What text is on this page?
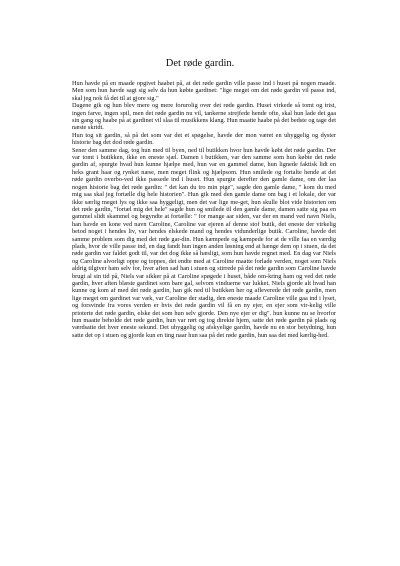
Det røde gardin.

Hun havde på en maade opgivet haabet på, at det røde gardin ville passe ind i huset på nogen maade. Men som hun havde sagt sig selv da hun købte gardinet: "lige meget om det røde gardin vil passe ind, skal jeg nok få det til at gjore sig."

Dagene gik og hun blev mere og mere forurolig over det røde gardin. Huset virkede så tomt og trist, ingen farve, ingen spil, men det røde gardin nu vil, tankerne strejfede hende ofte, skal hun lade det gaa sin gang og haabe på at gardinet vil slaa til musikkens klang. Hun maatte haabe på det bedste og tage det næste skridt.

Hun tog sit gardin, så på det som var det et spøgelse, havde der mon været en uhyggelig og dyster historie bag det dod røde gardin.

Sener den samme dag, tog hun med til byen, ned til butikken hvor hun havde købt det røde gardin. Der var tomt i butikken, ikke en eneste sjæl. Damen i butikken, var den samme som hun købte det røde gardin af, spurgte hvad hun kunne hjælpe med, hun var en gammel dame, hun lignede faktisk lidt en heks grant haar og rynket næse, men meget flink og hjælpsom. Hun smilede og fortalte hende at det røde gardin overbo-ved ikke passede ind i huset. Hun spurgte derefter den gamle dame, om der laa nogen historie bag det røde gardin: " det kan du tro min pige", sagde den gamle dame, " kom du med mig saa skal jeg fortælle dig hele historien". Hun gik med den gamle dame om bag i et lokale, der var ikke særlig meget lys og ikke saa hyggeligt, men det var lige me-get, hun skulle blot vide historien om det røde gardin, "fortæl mig det hele" sagde hun og smilede til den gamle dame, damen satte sig paa en gammel slidt skammel og begyndte at fortælle: " for mange aar siden, var der en mand ved navn Niels, han havde en kone ved navn Caroline, Caroline var ejeren af denne stof butik, det eneste der virkelig betod noget i hendes liv, var hendes elskede mand og hendes vidunderlige butik. Caroline, havde det samme problem som dig med det røde gar-din. Hun kæmpede og kæmpede for at de ville faa en værdig plads, hvor de ville passe ind, en dag fandt hun ingen anden løsning end at hænge dem op i stuen, da det røde gardin var faldet godt til, var det dog ikke så hæsligt, som hun havde regnet med. En dag var Niels og Caroline alvorligt oppe og toppes, det endte med at Caroline maatte forlade verden, noget som Niels aldrig tilgiver ham selv for, hver aften sad han i stuen og stirrede på det røde gardin som Caroline havde brugt al sin tid på, Niels var sikker på at Caroline spøgede i huset, både om-kring ham og ved det røde gardin, hver aften blæste gardinet som bare gal, selvom vinduerne var lukket. Niels gjorde alt hvad han kunne og kom af med det røde gardin, han gik ned til butikken her og afleverede det røde gardin, men lige meget om gardinet var væk, var Caroline der stadig, den eneste maade Caroline ville gaa ind i lyset, og forsvinde fra vores verden er hvis det røde gardin vil få en ny ejer, en ejer som vir-kelig ville prioterte det røde gardin, elske det som hun selv gjorde. Den nye ejer er dig". hun kunne nu se hvorfor hun maatte beholde det røde gardin, hun var rørt og tog direkte hjem, satte det røde gardin på plads og værdsatte det hver eneste sekund. Det uhyggelig og afskyelige gardin, havde nu en stor betydning, hun satte det op i stuen og gjorde kun en ting naar hun saa på det røde gardin, hun saa det med kærlig-hed.
